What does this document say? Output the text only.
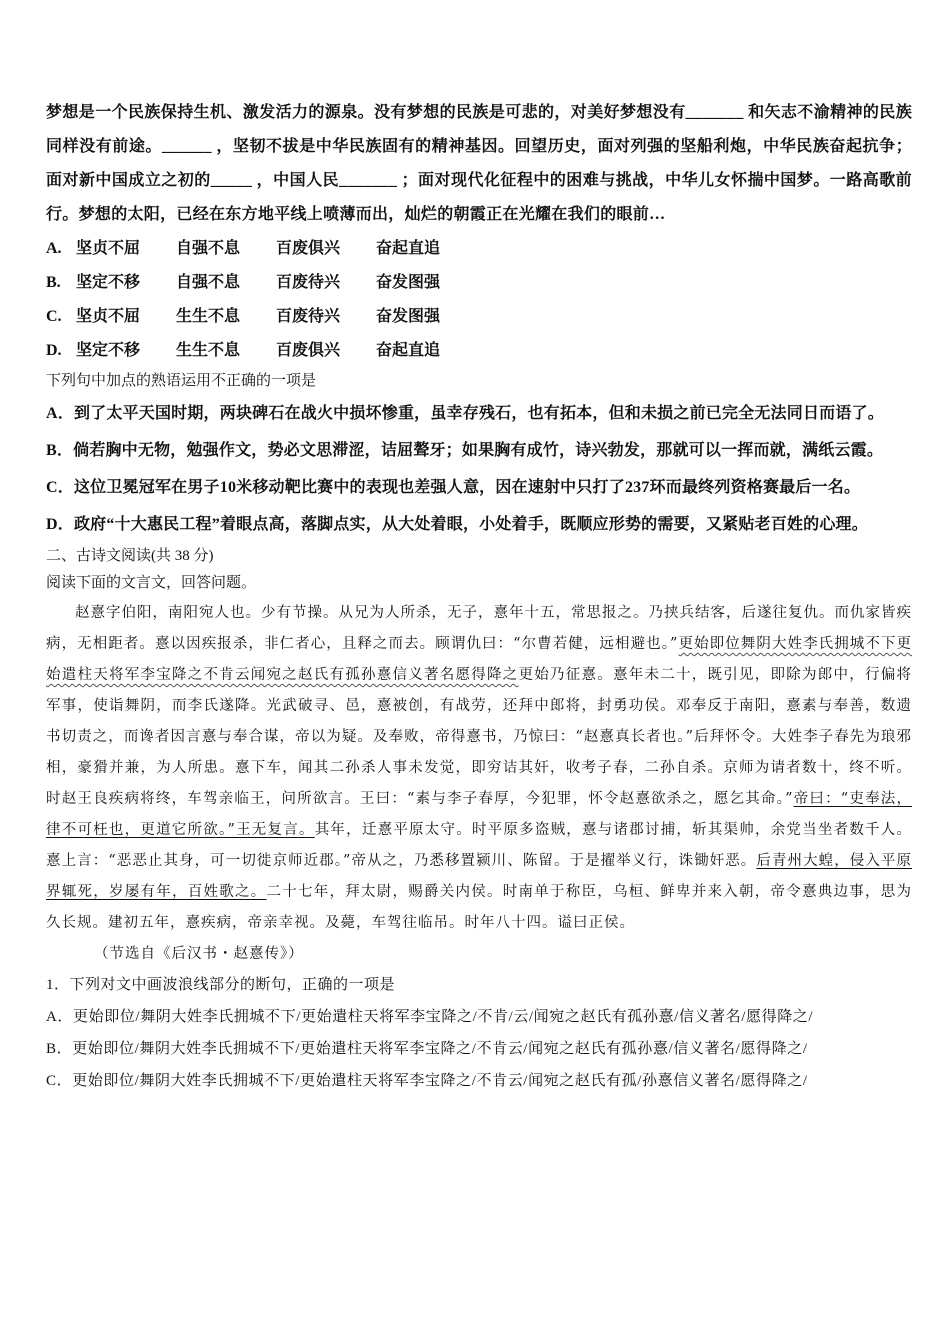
梦想是一个民族保持生机、激发活力的源泉。没有梦想的民族是可悲的，对美好梦想没有_______ 和矢志不渝精神的民族同样没有前途。______ ，坚韧不拔是中华民族固有的精神基因。回望历史，面对列强的坚船利炮，中华民族奋起抗争；面对新中国成立之初的_____ ，中国人民_______ ；面对现代化征程中的困难与挑战，中华儿女怀揣中国梦。一路高歌前行。梦想的太阳，已经在东方地平线上喷薄而出，灿烂的朝霞正在光耀在我们的眼前…
A. 坚贞不屈	自强不息	百废俱兴	奋起直追
B. 坚定不移	自强不息	百废待兴	奋发图强
C. 坚贞不屈	生生不息	百废待兴	奋发图强
D. 坚定不移	生生不息	百废俱兴	奋起直追
下列句中加点的熟语运用不正确的一项是
A．到了太平天国时期，两块碑石在战火中损坏惨重，虽幸存残石，也有拓本，但和未损之前已完全无法同日而语了。
B．倘若胸中无物，勉强作文，势必文思滞涩，诘屈聱牙；如果胸有成竹，诗兴勃发，那就可以一挥而就，满纸云霞。
C．这位卫冕冠军在男子10米移动靶比赛中的表现也差强人意，因在速射中只打了237环而最终列资格赛最后一名。
D．政府“十大惠民工程”着眼点高，落脚点实，从大处着眼，小处着手，既顺应形势的需要，又紧贴老百姓的心理。
二、古诗文阅读(共 38 分)
阅读下面的文言文，回答问题。
赵憙字伯阳，南阳宛人也。少有节操。从兄为人所杀，无子，憙年十五，常思报之。乃挟兵结客，后遂往复仇。而仇家皆疾病，无相距者。憙以因疾报杀，非仁者心，且释之而去。顾谓仇曰：“尔曹若健，远相避也。”更始即位舞阴大姓李氏拥城不下更始遣柱天将军李宝降之不肯云闻宛之赵氏有孤孙憙信义著名愿得降之更始乃征憙。憙年未二十，既引见，即除为郎中，行偏将军事，使诣舞阴，而李氏遂降。光武破寻、邑，憙被创，有战劳，还拜中郎将，封勇功侯。邓奉反于南阳，憙素与奉善，数遗书切责之，而谗者因言憙与奉合谋，帝以为疑。及奉败，帝得憙书，乃惊曰：“赵憙真长者也。”后拜怀令。大姓李子春先为琅邪相，豪猾并兼，为人所患。憙下车，闻其二孙杀人事未发觉，即穷诘其奸，收考子春，二孙自杀。京师为请者数十，终不听。时赵王良疾病将终，车驾亲临王，问所欲言。王曰：“素与李子春厚，今犯罪，怀令赵憙欲杀之，愿乞其命。”帝曰：“吏奉法，律不可枉也，更道它所欲。”王无复言。其年，迁憙平原太守。时平原多盗贼，憙与诸郡讨捕，斩其渠帅，余党当坐者数千人。憙上言：“恶恶止其身，可一切徙京师近郡。”帝从之，乃悉移置颍川、陈留。于是擢举义行，诛锄奸恶。后青州大蝗，侵入平原界辄死，岁屡有年，百姓歌之。二十七年，拜太尉，赐爵关内侯。时南单于称臣，乌桓、鲜卑并来入朝，帝令憙典边事，思为久长规。建初五年，憙疾病，帝亲幸视。及薨，车驾往临吊。时年八十四。谥曰正侯。
（节选自《后汉书・赵憙传》）
1．下列对文中画波浪线部分的断句，正确的一项是
A．更始即位/舞阴大姓李氏拥城不下/更始遣柱天将军李宝降之/不肯/云/闻宛之赵氏有孤孙憙/信义著名/愿得降之/
B．更始即位/舞阴大姓李氏拥城不下/更始遣柱天将军李宝降之/不肯云/闻宛之赵氏有孤孙憙/信义著名/愿得降之/
C．更始即位/舞阴大姓李氏拥城不下/更始遣柱天将军李宝降之/不肯云/闻宛之赵氏有孤/孙憙信义著名/愿得降之/
